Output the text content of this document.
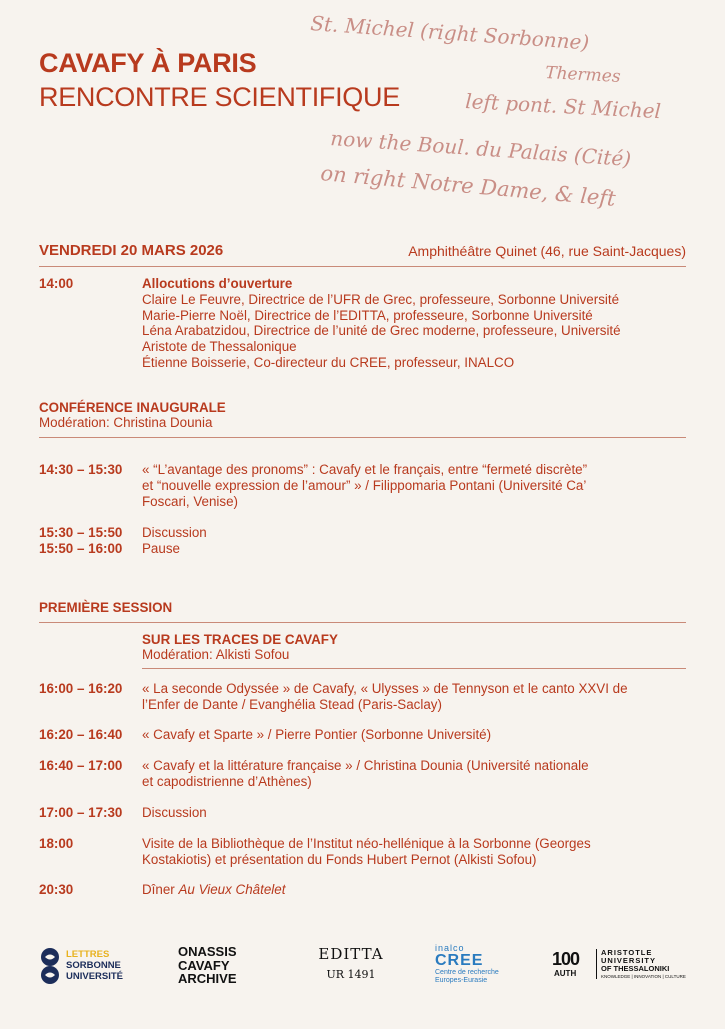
St. Michel (right Sorbonne)
Thermes
left pont. St Michel
now the Boul. du Palais (Cité)
on right Notre Dame, & left
CAVAFY À PARIS
RENCONTRE SCIENTIFIQUE
VENDREDI 20 MARS 2026	Amphithéâtre Quinet (46, rue Saint-Jacques)
14:00	Allocutions d’ouverture
Claire Le Feuvre, Directrice de l’UFR de Grec, professeure, Sorbonne Université
Marie-Pierre Noël, Directrice de l’EDITTA, professeure, Sorbonne Université
Léna Arabatzidou, Directrice de l’unité de Grec moderne, professeure, Université
Aristote de Thessalonique
Étienne Boisserie, Co-directeur du CREE, professeur, INALCO
CONFÉRENCE INAUGURALE
Modération: Christina Dounia
14:30 – 15:30	« “L’avantage des pronoms” : Cavafy et le français, entre “fermeté discrète”
et “nouvelle expression de l’amour” » / Filippomaria Pontani (Université Ca’
Foscari, Venise)
15:30 – 15:50	Discussion
15:50 – 16:00	Pause
PREMIÈRE SESSION
SUR LES TRACES DE CAVAFY
Modération: Alkisti Sofou
16:00 – 16:20	« La seconde Odyssée » de Cavafy, « Ulysses » de Tennyson et le canto XXVI de
l’Enfer de Dante / Evanghélia Stead (Paris-Saclay)
16:20 – 16:40	« Cavafy et Sparte » / Pierre Pontier (Sorbonne Université)
16:40 – 17:00	« Cavafy et la littérature française » / Christina Dounia (Université nationale
et capodistrienne d’Athènes)
17:00 – 17:30	Discussion
18:00	Visite de la Bibliothèque de l’Institut néo-hellénique à la Sorbonne (Georges
Kostakiotis) et présentation du Fonds Hubert Pernot (Alkisti Sofou)
20:30	Dîner Au Vieux Châtelet
LETTRES
SORBONNE
UNIVERSITÉ
ONASSIS
CAVAFY
ARCHIVE
EDITTA
UR 1491
inalco
CREE
Centre de recherche
Europes-Eurasie
100
AUTH
ARISTOTLE
UNIVERSITY
OF THESSALONIKI
KNOWLEDGE | INNOVATION | CULTURE
